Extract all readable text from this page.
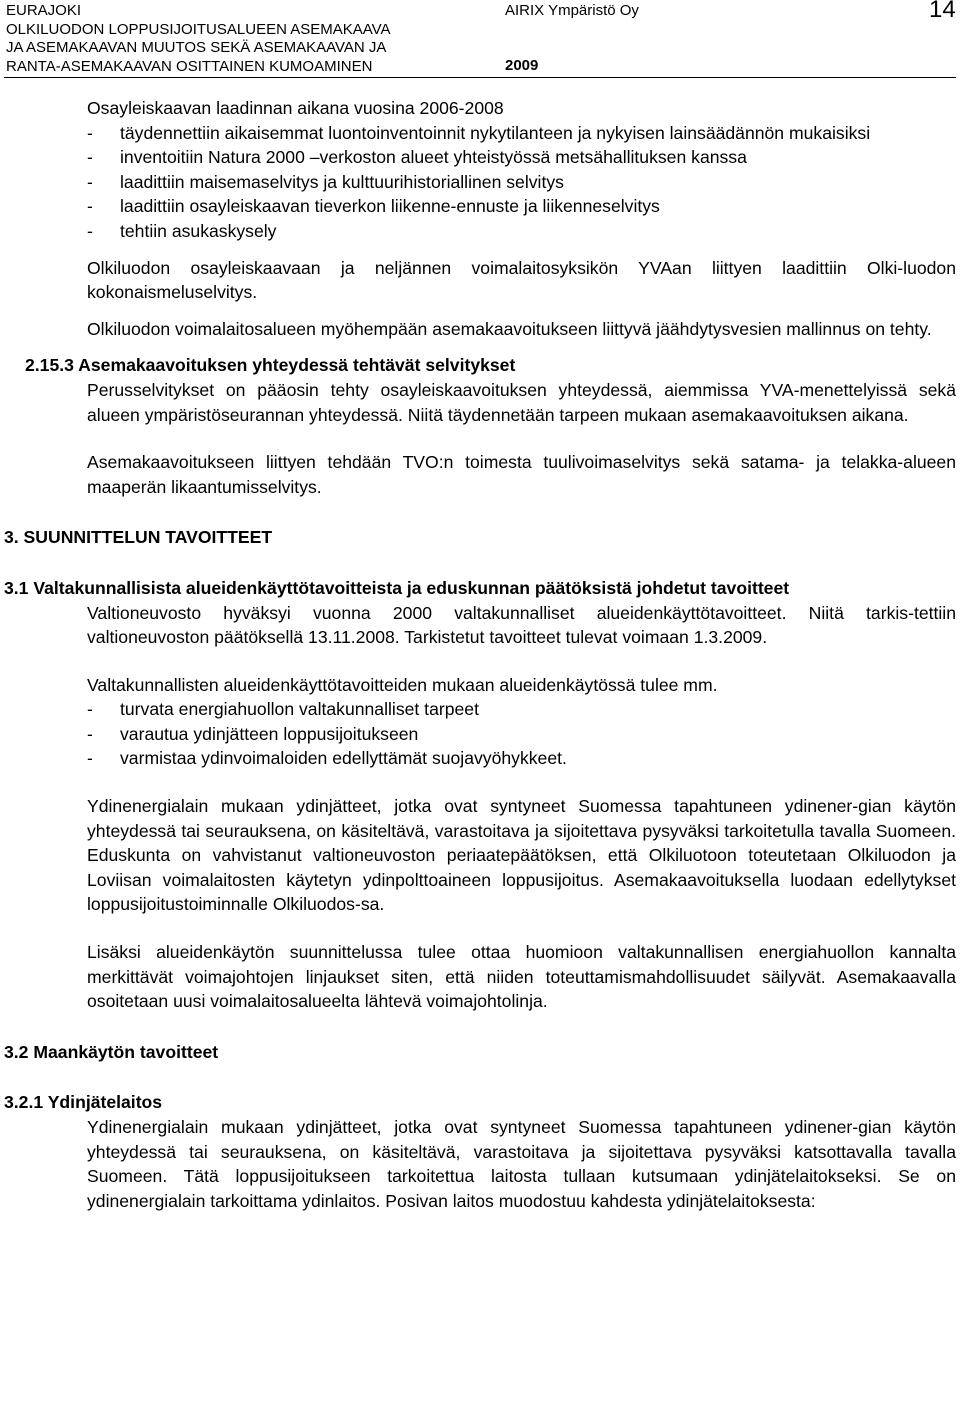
EURAJOKI
OLKILUODON LOPPUSIJOITUSALUEEN ASEMAKAAVA
JA ASEMAKAAVAN MUUTOS SEKÄ ASEMAKAAVAN JA
RANTA-ASEMAKAAVAN OSITTAINEN KUMOAMINEN
AIRIX Ympäristö Oy
2009
14
Osayleiskaavan laadinnan aikana vuosina 2006-2008
-	täydennettiin aikaisemmat luontoinventoinnit nykytilanteen ja nykyisen lainsäädännön mukaisiksi
-	inventoitiin Natura 2000 –verkoston alueet yhteistyössä metsähallituksen kanssa
-	laadittiin maisemaselvitys ja kulttuurihistoriallinen selvitys
-	laadittiin osayleiskaavan tieverkon liikenne-ennuste ja liikenneselvitys
-	tehtiin asukaskysely
Olkiluodon osayleiskaavaan ja neljännen voimalaitosyksikön YVAan liittyen laadittiin Olki-luodon kokonaismeluselvitys.
Olkiluodon voimalaitosalueen myöhempään asemakaavoitukseen liittyvä jäähdytysvesien mallinnus on tehty.
2.15.3 Asemakaavoituksen yhteydessä tehtävät selvitykset
Perusselvitykset on pääosin tehty osayleiskaavoituksen yhteydessä, aiemmissa YVA-menettelyissä sekä alueen ympäristöseurannan yhteydessä. Niitä täydennetään tarpeen mukaan asemakaavoituksen aikana.
Asemakaavoitukseen liittyen tehdään TVO:n toimesta tuulivoimaselvitys sekä satama- ja telakka-alueen maaperän likaantumisselvitys.
3. SUUNNITTELUN TAVOITTEET
3.1 Valtakunnallisista alueidenkäyttötavoitteista ja eduskunnan päätöksistä johdetut tavoitteet
Valtioneuvosto hyväksyi vuonna 2000 valtakunnalliset alueidenkäyttötavoitteet. Niitä tarkis-tettiin valtioneuvoston päätöksellä 13.11.2008. Tarkistetut tavoitteet tulevat voimaan 1.3.2009.
Valtakunnallisten alueidenkäyttötavoitteiden mukaan alueidenkäytössä tulee mm.
-	turvata energiahuollon valtakunnalliset tarpeet
-	varautua ydinjätteen loppusijoitukseen
-	varmistaa ydinvoimaloiden edellyttämät suojavyöhykkeet.
Ydinenergialain mukaan ydinjätteet, jotka ovat syntyneet Suomessa tapahtuneen ydinener-gian käytön yhteydessä tai seurauksena, on käsiteltävä, varastoitava ja sijoitettava pysyväksi tarkoitetulla tavalla Suomeen. Eduskunta on vahvistanut valtioneuvoston periaatepäätöksen, että Olkiluotoon toteutetaan Olkiluodon ja Loviisan voimalaitosten käytetyn ydinpolttoaineen loppusijoitus. Asemakaavoituksella luodaan edellytykset loppusijoitustoiminnalle Olkiluodos-sa.
Lisäksi alueidenkäytön suunnittelussa tulee ottaa huomioon valtakunnallisen energiahuollon kannalta merkittävät voimajohtojen linjaukset siten, että niiden toteuttamismahdollisuudet säilyvät. Asemakaavalla osoitetaan uusi voimalaitosalueelta lähtevä voimajohtolinja.
3.2 Maankäytön tavoitteet
3.2.1 Ydinjätelaitos
Ydinenergialain mukaan ydinjätteet, jotka ovat syntyneet Suomessa tapahtuneen ydinener-gian käytön yhteydessä tai seurauksena, on käsiteltävä, varastoitava ja sijoitettava pysyväksi katsottavalla tavalla Suomeen. Tätä loppusijoitukseen tarkoitettua laitosta tullaan kutsumaan ydinjätelaitokseksi. Se on ydinenergialain tarkoittama ydinlaitos. Posivan laitos muodostuu kahdesta ydinjätelaitoksesta:
